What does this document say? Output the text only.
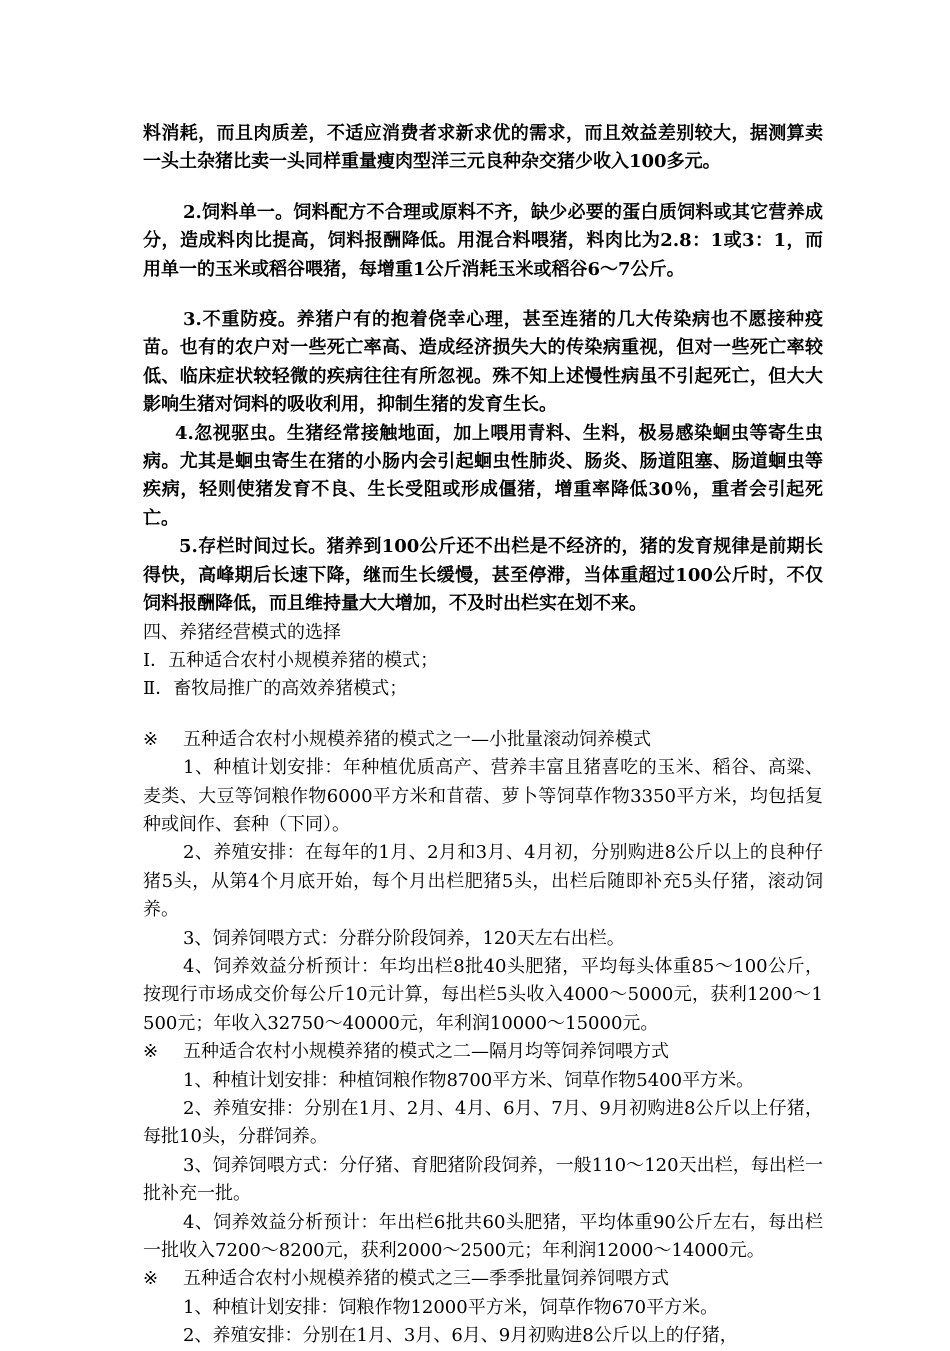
料消耗，而且肉质差，不适应消费者求新求优的需求，而且效益差别较大，据测算卖一头土杂猪比卖一头同样重量瘦肉型洋三元良种杂交猪少收入100多元。

2.饲料单一。饲料配方不合理或原料不齐，缺少必要的蛋白质饲料或其它营养成分，造成料肉比提高，饲料报酬降低。用混合料喂猪，料肉比为2.8：1或3：1，而用单一的玉米或稻谷喂猪，每增重1公斤消耗玉米或稻谷6～7公斤。

3.不重防疫。养猪户有的抱着侥幸心理，甚至连猪的几大传染病也不愿接种疫苗。也有的农户对一些死亡率高、造成经济损失大的传染病重视，但对一些死亡率较低、临床症状较轻微的疾病往往有所忽视。殊不知上述慢性病虽不引起死亡，但大大影响生猪对饲料的吸收利用，抑制生猪的发育生长。

4.忽视驱虫。生猪经常接触地面，加上喂用青料、生料，极易感染蛔虫等寄生虫病。尤其是蛔虫寄生在猪的小肠内会引起蛔虫性肺炎、肠炎、肠道阻塞、肠道蛔虫等疾病，轻则使猪发育不良、生长受阻或形成僵猪，增重率降低30％，重者会引起死亡。

5.存栏时间过长。猪养到100公斤还不出栏是不经济的，猪的发育规律是前期长得快，高峰期后长速下降，继而生长缓慢，甚至停滞，当体重超过100公斤时，不仅饲料报酬降低，而且维持量大大增加，不及时出栏实在划不来。

四、养猪经营模式的选择

Ⅰ．五种适合农村小规模养猪的模式；

Ⅱ．畜牧局推广的高效养猪模式；

※ 五种适合农村小规模养猪的模式之一—小批量滚动饲养模式

1、种植计划安排：年种植优质高产、营养丰富且猪喜吃的玉米、稻谷、高粱、麦类、大豆等饲粮作物6000平方米和苜蓿、萝卜等饲草作物3350平方米，均包括复种或间作、套种（下同）。

2、养殖安排：在每年的1月、2月和3月、4月初，分别购进8公斤以上的良种仔猪5头，从第4个月底开始，每个月出栏肥猪5头，出栏后随即补充5头仔猪，滚动饲养。

3、饲养饲喂方式：分群分阶段饲养，120天左右出栏。

4、饲养效益分析预计：年均出栏8批40头肥猪，平均每头体重85～100公斤，按现行市场成交价每公斤10元计算，每出栏5头收入4000～5000元，获利1200～1500元；年收入32750～40000元，年利润10000～15000元。

※ 五种适合农村小规模养猪的模式之二—隔月均等饲养饲喂方式

1、种植计划安排：种植饲粮作物8700平方米、饲草作物5400平方米。

2、养殖安排：分别在1月、2月、4月、6月、7月、9月初购进8公斤以上仔猪，每批10头，分群饲养。

3、饲养饲喂方式：分仔猪、育肥猪阶段饲养，一般110～120天出栏，每出栏一批补充一批。

4、饲养效益分析预计：年出栏6批共60头肥猪，平均体重90公斤左右，每出栏一批收入7200～8200元，获利2000～2500元；年利润12000～14000元。

※ 五种适合农村小规模养猪的模式之三—季季批量饲养饲喂方式

1、种植计划安排：饲粮作物12000平方米，饲草作物670平方米。

2、养殖安排：分别在1月、3月、6月、9月初购进8公斤以上的仔猪，
